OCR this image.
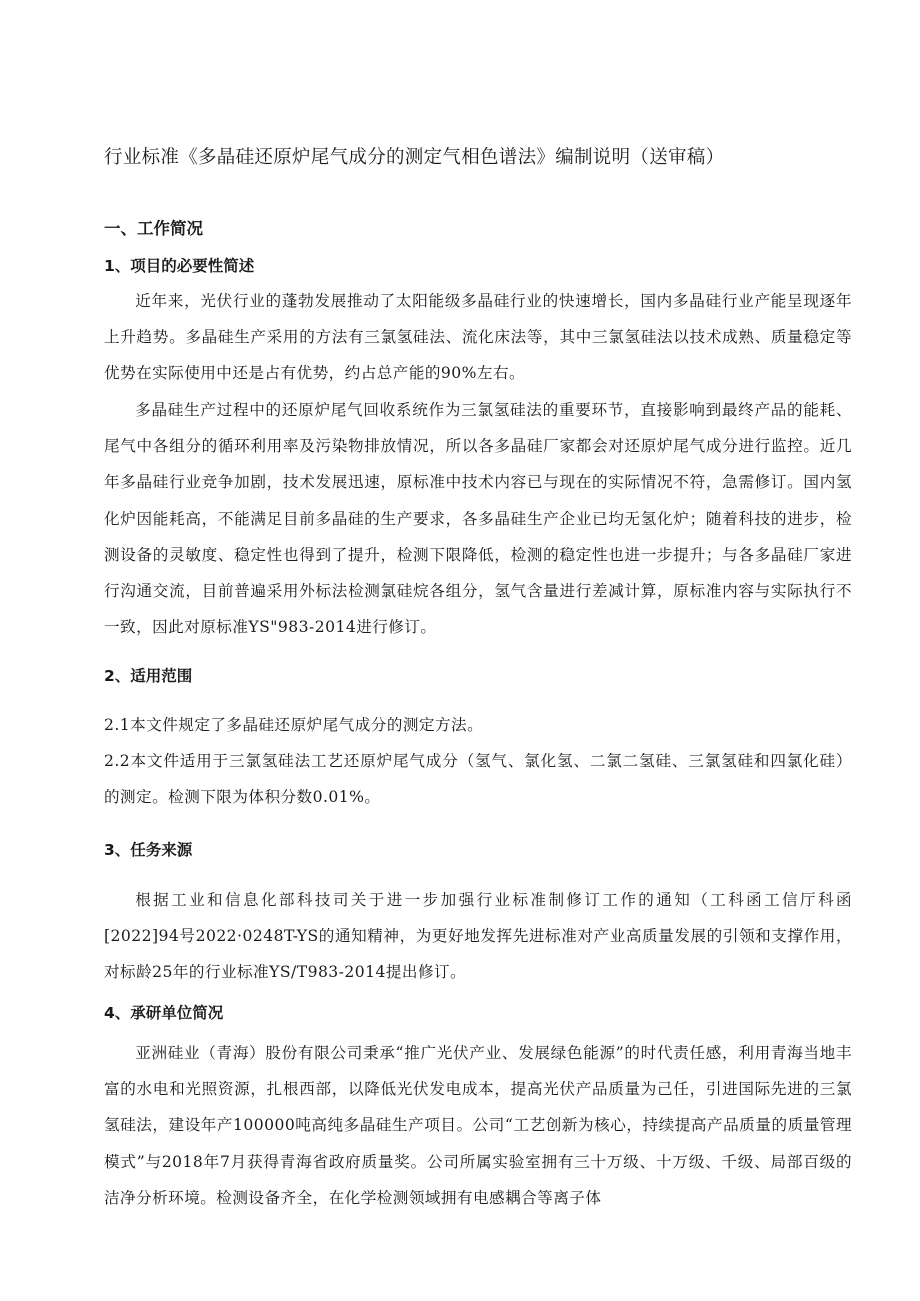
行业标准《多晶硅还原炉尾气成分的测定气相色谱法》编制说明（送审稿）
一、工作简况
1、项目的必要性简述

近年来，光伏行业的蓬勃发展推动了太阳能级多晶硅行业的快速增长，国内多晶硅行业产能呈现逐年上升趋势。多晶硅生产采用的方法有三氯氢硅法、流化床法等，其中三氯氢硅法以技术成熟、质量稳定等优势在实际使用中还是占有优势，约占总产能的90%左右。

多晶硅生产过程中的还原炉尾气回收系统作为三氯氢硅法的重要环节，直接影响到最终产品的能耗、尾气中各组分的循环利用率及污染物排放情况，所以各多晶硅厂家都会对还原炉尾气成分进行监控。近几年多晶硅行业竞争加剧，技术发展迅速，原标准中技术内容已与现在的实际情况不符，急需修订。国内氢化炉因能耗高，不能满足目前多晶硅的生产要求，各多晶硅生产企业已均无氢化炉；随着科技的进步，检测设备的灵敏度、稳定性也得到了提升，检测下限降低，检测的稳定性也进一步提升；与各多晶硅厂家进行沟通交流，目前普遍采用外标法检测氯硅烷各组分，氢气含量进行差减计算，原标准内容与实际执行不一致，因此对原标准YS"983-2014进行修订。

2、适用范围

2.1本文件规定了多晶硅还原炉尾气成分的测定方法。

2.2本文件适用于三氯氢硅法工艺还原炉尾气成分（氢气、氯化氢、二氯二氢硅、三氯氢硅和四氯化硅）的测定。检测下限为体积分数0.01%。

3、任务来源

根据工业和信息化部科技司关于进一步加强行业标准制修订工作的通知（工科函工信厅科函[2022]94号2022·0248T-YS的通知精神，为更好地发挥先进标准对产业高质量发展的引领和支撑作用，对标龄25年的行业标准YS/T983-2014提出修订。

4、承研单位简况

亚洲硅业（青海）股份有限公司秉承“推广光伏产业、发展绿色能源”的时代责任感，利用青海当地丰富的水电和光照资源，扎根西部，以降低光伏发电成本，提高光伏产品质量为己任，引进国际先进的三氯氢硅法，建设年产100000吨高纯多晶硅生产项目。公司“工艺创新为核心，持续提高产品质量的质量管理模式”与2018年7月获得青海省政府质量奖。公司所属实验室拥有三十万级、十万级、千级、局部百级的洁净分析环境。检测设备齐全，在化学检测领域拥有电感耦合等离子体
